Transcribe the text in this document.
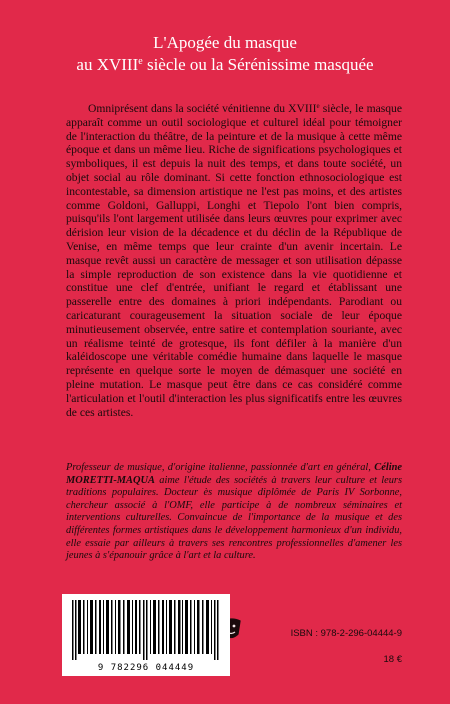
L'Apogée du masque
au XVIIIe siècle ou la Sérénissime masquée

Omniprésent dans la société vénitienne du XVIIIe siècle, le masque apparaît comme un outil sociologique et culturel idéal pour témoigner de l'interaction du théâtre, de la peinture et de la musique à cette même époque et dans un même lieu. Riche de significations psychologiques et symboliques, il est depuis la nuit des temps, et dans toute société, un objet social au rôle dominant. Si cette fonction ethnosociologique est incontestable, sa dimension artistique ne l'est pas moins, et des artistes comme Goldoni, Galluppi, Longhi et Tiepolo l'ont bien compris, puisqu'ils l'ont largement utilisée dans leurs œuvres pour exprimer avec dérision leur vision de la décadence et du déclin de la République de Venise, en même temps que leur crainte d'un avenir incertain. Le masque revêt aussi un caractère de messager et son utilisation dépasse la simple reproduction de son existence dans la vie quotidienne et constitue une clef d'entrée, unifiant le regard et établissant une passerelle entre des domaines à priori indépendants. Parodiant ou caricaturant courageusement la situation sociale de leur époque minutieusement observée, entre satire et contemplation souriante, avec un réalisme teinté de grotesque, ils font défiler à la manière d'un kaléidoscope une véritable comédie humaine dans laquelle le masque représente en quelque sorte le moyen de démasquer une société en pleine mutation. Le masque peut être dans ce cas considéré comme l'articulation et l'outil d'interaction les plus significatifs entre les œuvres de ces artistes.

Professeur de musique, d'origine italienne, passionnée d'art en général, Céline MORETTI-MAQUA aime l'étude des sociétés à travers leur culture et leurs traditions populaires. Docteur ès musique diplômée de Paris IV Sorbonne, chercheur associé à l'OMF, elle participe à de nombreux séminaires et interventions culturelles. Convaincue de l'importance de la musique et des différentes formes artistiques dans le développement harmonieux d'un individu, elle essaie par ailleurs à travers ses rencontres professionnelles d'amener les jeunes à s'épanouir grâce à l'art et la culture.

9 782296 044449
ISBN : 978-2-296-04444-9
18 €
